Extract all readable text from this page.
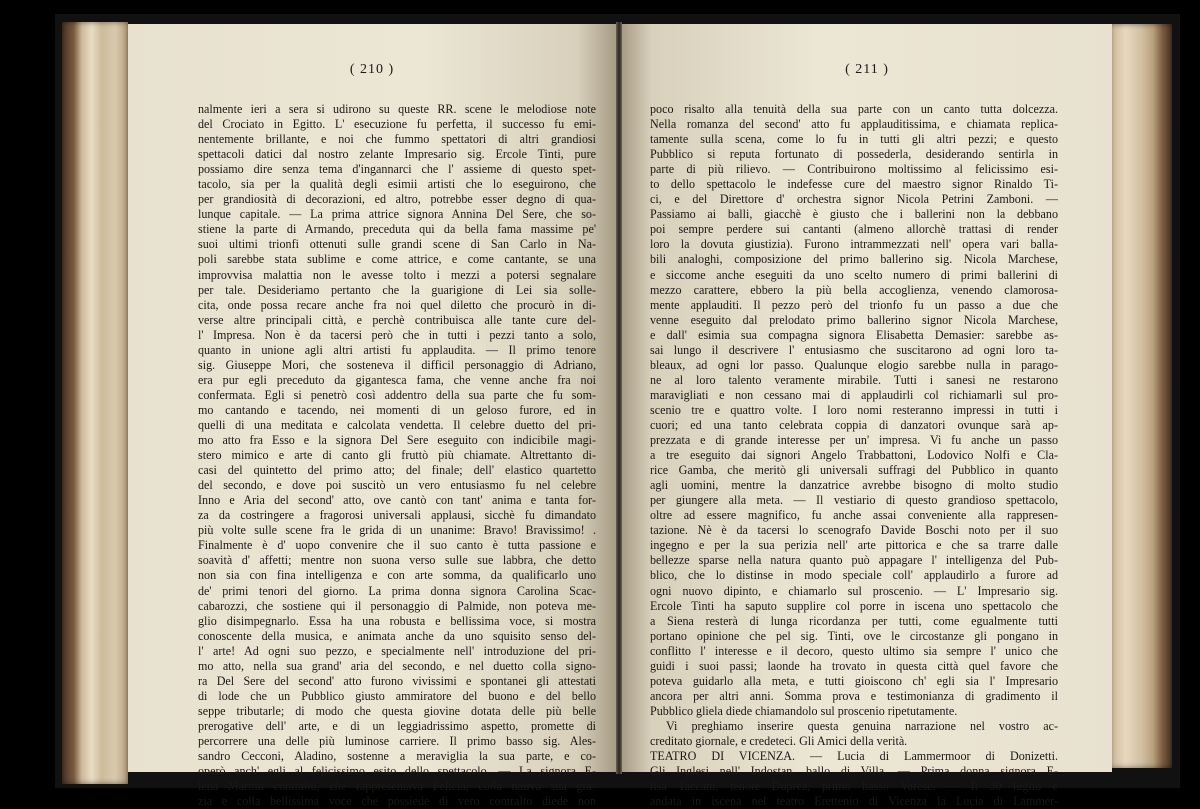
( 210 )
nalmente ieri a sera si udirono su queste RR. scene le melodiose note
del Crociato in Egitto. L' esecuzione fu perfetta, il successo fu emi-
nentemente brillante, e noi che fummo spettatori di altri grandiosi
spettacoli datici dal nostro zelante Impresario sig. Ercole Tinti, pure
possiamo dire senza tema d'ingannarci che l' assieme di questo spet-
tacolo, sia per la qualità degli esimii artisti che lo eseguirono, che
per grandiosità di decorazioni, ed altro, potrebbe esser degno di qua-
lunque capitale. — La prima attrice signora Annina Del Sere, che so-
stiene la parte di Armando, preceduta qui da bella fama massime pe'
suoi ultimi trionfi ottenuti sulle grandi scene di San Carlo in Na-
poli sarebbe stata sublime e come attrice, e come cantante, se una
improvvisa malattia non le avesse tolto i mezzi a potersi segnalare
per tale. Desideriamo pertanto che la guarigione di Lei sia solle-
cita, onde possa recare anche fra noi quel diletto che procurò in di-
verse altre principali città, e perchè contribuisca alle tante cure del-
l' Impresa. Non è da tacersi però che in tutti i pezzi tanto a solo,
quanto in unione agli altri artisti fu applaudita. — Il primo tenore
sig. Giuseppe Mori, che sosteneva il difficil personaggio di Adriano,
era pur egli preceduto da gigantesca fama, che venne anche fra noi
confermata. Egli si penetrò così addentro della sua parte che fu som-
mo cantando e tacendo, nei momenti di un geloso furore, ed in
quelli di una meditata e calcolata vendetta. Il celebre duetto del pri-
mo atto fra Esso e la signora Del Sere eseguito con indicibile magi-
stero mimico e arte di canto gli fruttò più chiamate. Altrettanto di-
casi del quintetto del primo atto; del finale; dell' elastico quartetto
del secondo, e dove poi suscitò un vero entusiasmo fu nel celebre
Inno e Aria del second' atto, ove cantò con tant' anima e tanta for-
za da costringere a fragorosi universali applausi, sicchè fu dimandato
più volte sulle scene fra le grida di un unanime: Bravo! Bravissimo! .
Finalmente è d' uopo convenire che il suo canto è tutta passione e
soavità d' affetti; mentre non suona verso sulle sue labbra, che detto
non sia con fina intelligenza e con arte somma, da qualificarlo uno
de' primi tenori del giorno. La prima donna signora Carolina Scac-
cabarozzi, che sostiene qui il personaggio di Palmide, non poteva me-
glio disimpegnarlo. Essa ha una robusta e bellissima voce, si mostra
conoscente della musica, e animata anche da uno squisito senso del-
l' arte! Ad ogni suo pezzo, e specialmente nell' introduzione del pri-
mo atto, nella sua grand' aria del secondo, e nel duetto colla signo-
ra Del Sere del second' atto furono vivissimi e spontanei gli attestati
di lode che un Pubblico giusto ammiratore del buono e del bello
seppe tributarle; di modo che questa giovine dotata delle più belle
prerogative dell' arte, e di un leggiadrissimo aspetto, promette di
percorrere una delle più luminose carriere. Il primo basso sig. Ales-
sandro Cecconi, Aladino, sostenne a meraviglia la sua parte, e co-
operò anch' egli al felicissimo esito dello spettacolo. — La signora E-
lena Martini contralto, che rappresentava Felicia, colla nativa sua gra-
zia e colla bellissima voce che possiede di vero contralto diede non
( 211 )
poco risalto alla tenuità della sua parte con un canto tutta dolcezza.
Nella romanza del second' atto fu applauditissima, e chiamata replica-
tamente sulla scena, come lo fu in tutti gli altri pezzi; e questo
Pubblico si reputa fortunato di possederla, desiderando sentirla in
parte di più rilievo. — Contribuirono moltissimo al felicissimo esi-
to dello spettacolo le indefesse cure del maestro signor Rinaldo Ti-
ci, e del Direttore d' orchestra signor Nicola Petrini Zamboni. —
Passiamo ai balli, giacchè è giusto che i ballerini non la debbano
poi sempre perdere sui cantanti (almeno allorchè trattasi di render
loro la dovuta giustizia). Furono intrammezzati nell' opera vari balla-
bili analoghi, composizione del primo ballerino sig. Nicola Marchese,
e siccome anche eseguiti da uno scelto numero di primi ballerini di
mezzo carattere, ebbero la più bella accoglienza, venendo clamorosa-
mente applauditi. Il pezzo però del trionfo fu un passo a due che
venne eseguito dal prelodato primo ballerino signor Nicola Marchese,
e dall' esimia sua compagna signora Elisabetta Demasier: sarebbe as-
sai lungo il descrivere l' entusiasmo che suscitarono ad ogni loro ta-
bleaux, ad ogni lor passo. Qualunque elogio sarebbe nulla in parago-
ne al loro talento veramente mirabile. Tutti i sanesi ne restarono
maravigliati e non cessano mai di applaudirli col richiamarli sul pro-
scenio tre e quattro volte. I loro nomi resteranno impressi in tutti i
cuori; ed una tanto celebrata coppia di danzatori ovunque sarà ap-
prezzata e di grande interesse per un' impresa. Vi fu anche un passo
a tre eseguito dai signori Angelo Trabbattoni, Lodovico Nolfi e Cla-
rice Gamba, che meritò gli universali suffragi del Pubblico in quanto
agli uomini, mentre la danzatrice avrebbe bisogno di molto studio
per giungere alla meta. — Il vestiario di questo grandioso spettacolo,
oltre ad essere magnifico, fu anche assai conveniente alla rappresen-
tazione. Nè è da tacersi lo scenografo Davide Boschi noto per il suo
ingegno e per la sua perizia nell' arte pittorica e che sa trarre dalle
bellezze sparse nella natura quanto può appagare l' intelligenza del Pub-
blico, che lo distinse in modo speciale coll' applaudirlo a furore ad
ogni nuovo dipinto, e chiamarlo sul proscenio. — L' Impresario sig.
Ercole Tinti ha saputo supplire col porre in iscena uno spettacolo che
a Siena resterà di lunga ricordanza per tutti, come egualmente tutti
portano opinione che pel sig. Tinti, ove le circostanze gli pongano in
conflitto l' interesse e il decoro, questo ultimo sia sempre l' unico che
guidi i suoi passi; laonde ha trovato in questa città quel favore che
poteva guidarlo alla meta, e tutti gioiscono ch' egli sia l' Impresario
ancora per altri anni. Somma prova e testimonianza di gradimento il
Pubblico gliela diede chiamandolo sul proscenio ripetutamente.
Vi preghiamo inserire questa genuina narrazione nel vostro ac-
creditato giornale, e credeteci. Gli Amici della verità.
TEATRO DI VICENZA. — Lucia di Lammermoor di Donizetti.
Gli Inglesi nell' Indostan, ballo di Villa. — Prima donna signora E-
lisa Taccani, tenore Duprez, primo basso Varese. — Il 30 luglio è
andata in iscena nel teatro Erettenio di Vicenza la Lucia di Lammer-
